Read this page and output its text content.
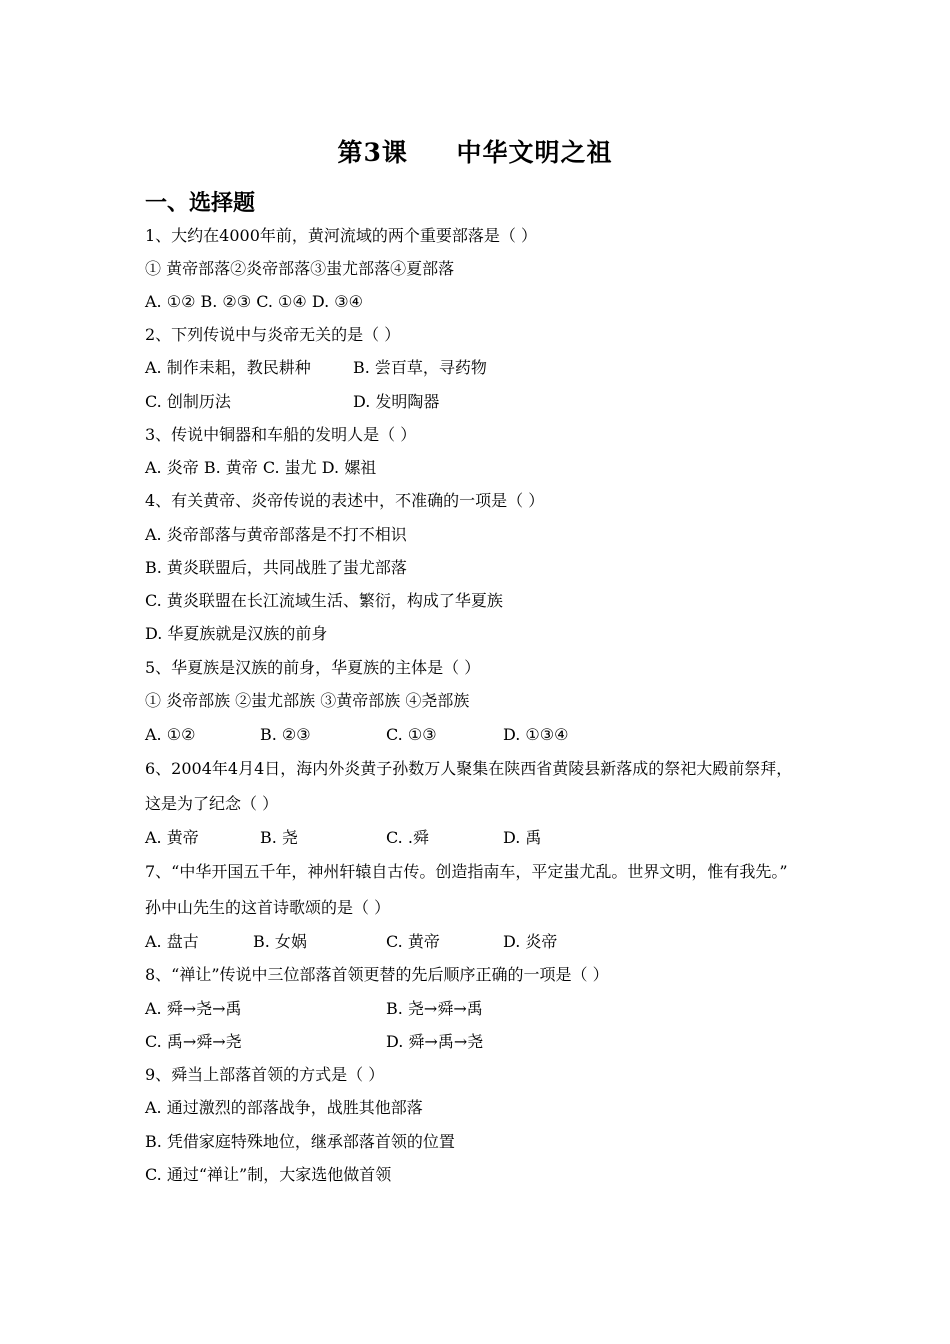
第3课     中华文明之祖
一、选择题
1、大约在4000年前，黄河流域的两个重要部落是（ ）
① 黄帝部落②炎帝部落③蚩尤部落④夏部落
A. ①② B. ②③ C. ①④ D. ③④
2、下列传说中与炎帝无关的是（ ）
A. 制作耒耜，教民耕种	B. 尝百草，寻药物
C. 创制历法	D. 发明陶器
3、传说中铜器和车船的发明人是（ ）
A. 炎帝 B. 黄帝 C. 蚩尤 D. 嫘祖
4、有关黄帝、炎帝传说的表述中，不准确的一项是（ ）
A. 炎帝部落与黄帝部落是不打不相识
B. 黄炎联盟后，共同战胜了蚩尤部落
C. 黄炎联盟在长江流域生活、繁衍，构成了华夏族
D. 华夏族就是汉族的前身
5、华夏族是汉族的前身，华夏族的主体是（ ）
① 炎帝部族 ②蚩尤部族 ③黄帝部族 ④尧部族
A. ①②	B. ②③	C. ①③	D. ①③④
6、2004年4月4日，海内外炎黄子孙数万人聚集在陕西省黄陵县新落成的祭祀大殿前祭拜，
这是为了纪念（ ）
A. 黄帝	B. 尧	C. .舜	D. 禹
7、“中华开国五千年，神州轩辕自古传。创造指南车，平定蚩尤乱。世界文明，惟有我先。”
孙中山先生的这首诗歌颂的是（ ）
A. 盘古	B. 女娲	C. 黄帝	D. 炎帝
8、“禅让”传说中三位部落首领更替的先后顺序正确的一项是（ ）
A. 舜→尧→禹	B. 尧→舜→禹
C. 禹→舜→尧	D. 舜→禹→尧
9、舜当上部落首领的方式是（ ）
A. 通过激烈的部落战争，战胜其他部落
B. 凭借家庭特殊地位，继承部落首领的位置
C. 通过“禅让”制，大家选他做首领
